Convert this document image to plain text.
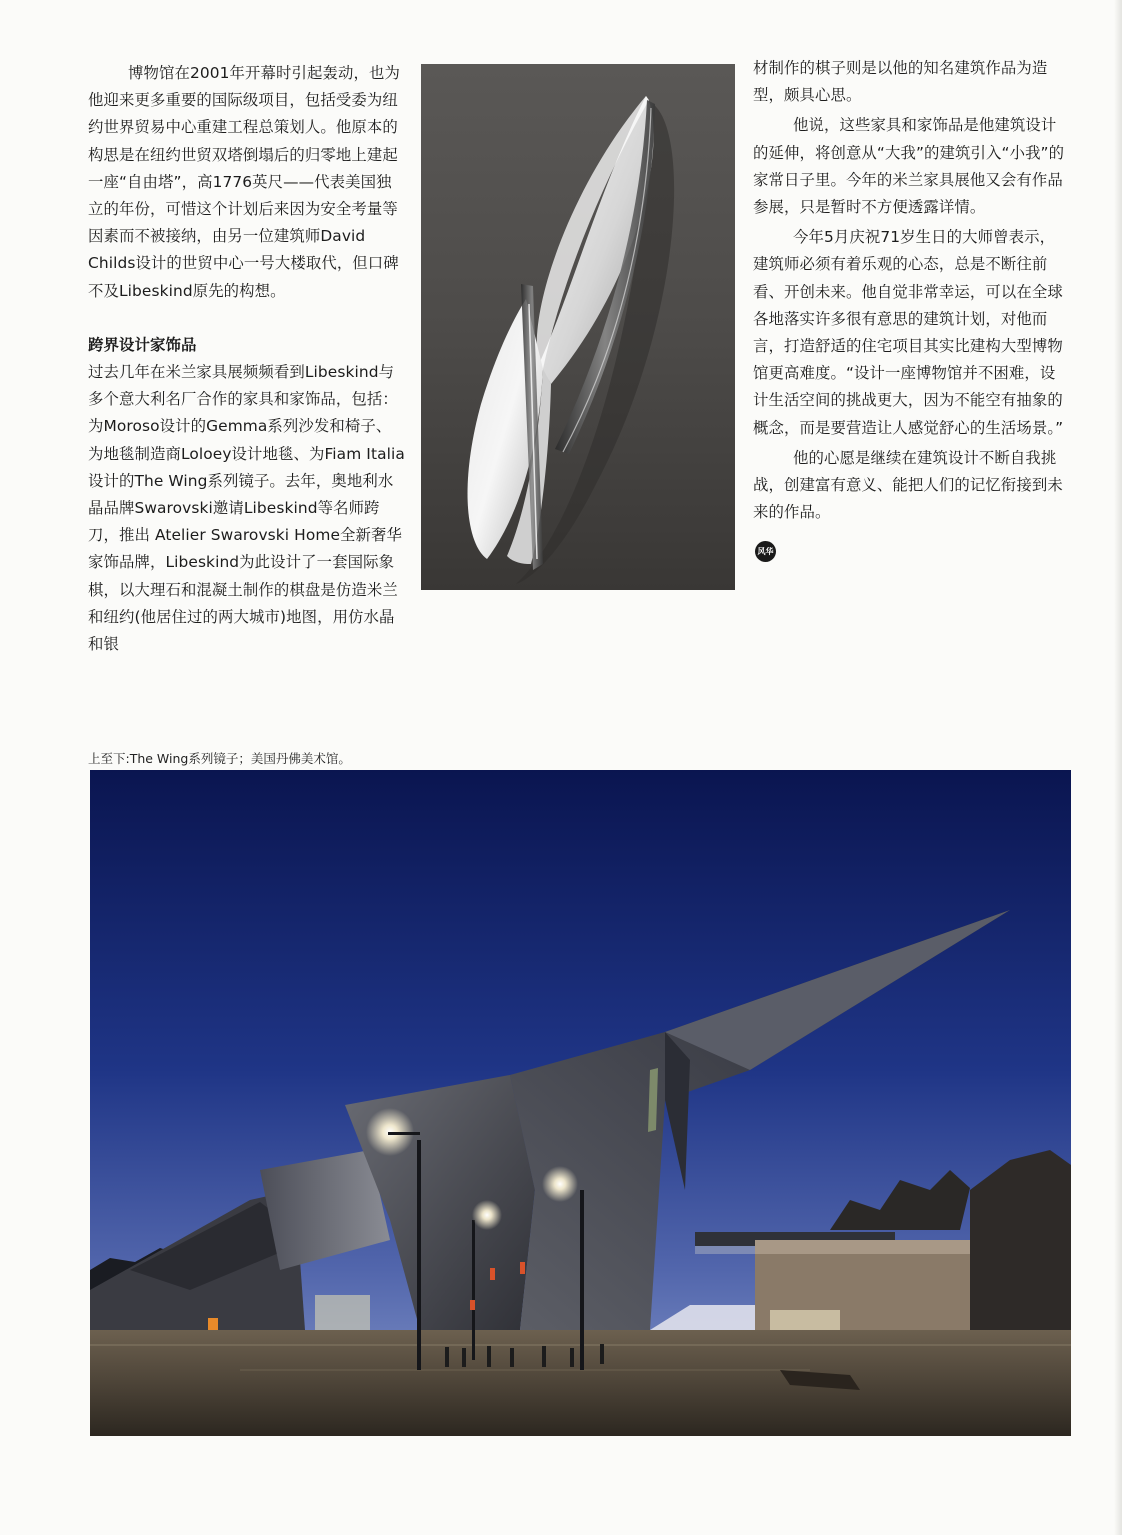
博物馆在2001年开幕时引起轰动，也为他迎来更多重要的国际级项目，包括受委为纽约世界贸易中心重建工程总策划人。他原本的构思是在纽约世贸双塔倒塌后的归零地上建起一座“自由塔”，高1776英尺——代表美国独立的年份，可惜这个计划后来因为安全考量等因素而不被接纳，由另一位建筑师David Childs设计的世贸中心一号大楼取代，但口碑不及Libeskind原先的构想。

跨界设计家饰品

过去几年在米兰家具展频频看到Libeskind与多个意大利名厂合作的家具和家饰品，包括：为Moroso设计的Gemma系列沙发和椅子、为地毯制造商Loloey设计地毯、为Fiam Italia设计的The Wing系列镜子。去年，奥地利水晶品牌Swarovski邀请Libeskind等名师跨刀，推出 Atelier Swarovski Home全新奢华家饰品牌，Libeskind为此设计了一套国际象棋，以大理石和混凝土制作的棋盘是仿造米兰和纽约(他居住过的两大城市)地图，用仿水晶和银

材制作的棋子则是以他的知名建筑作品为造型，颇具心思。

他说，这些家具和家饰品是他建筑设计的延伸，将创意从“大我”的建筑引入“小我”的家常日子里。今年的米兰家具展他又会有作品参展，只是暂时不方便透露详情。

今年5月庆祝71岁生日的大师曾表示，建筑师必须有着乐观的心态，总是不断往前看、开创未来。他自觉非常幸运，可以在全球各地落实许多很有意思的建筑计划，对他而言，打造舒适的住宅项目其实比建构大型博物馆更高难度。“设计一座博物馆并不困难，设计生活空间的挑战更大，因为不能空有抽象的概念，而是要营造让人感觉舒心的生活场景。”

他的心愿是继续在建筑设计不断自我挑战，创建富有意义、能把人们的记忆衔接到未来的作品。

风华
上至下:The Wing系列镜子；美国丹佛美术馆。
